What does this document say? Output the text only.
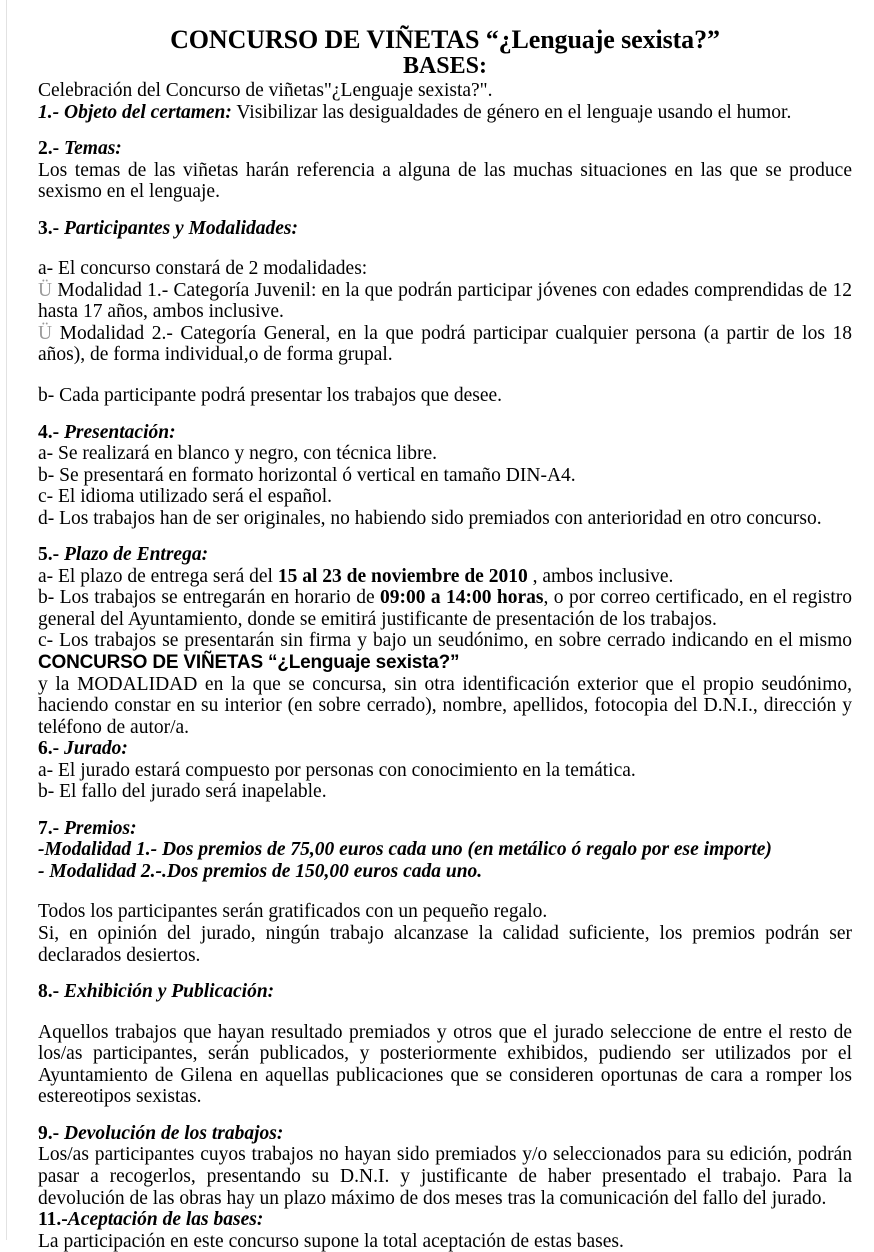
CONCURSO DE VIÑETAS “¿Lenguaje sexista?”
BASES:

Celebración del Concurso de viñetas"¿Lenguaje sexista?".

1.- Objeto del certamen: Visibilizar las desigualdades de género en el lenguaje usando el humor.

2.- Temas:

Los temas de las viñetas harán referencia a alguna de las muchas situaciones en las que se produce sexismo en el lenguaje.

3.- Participantes y Modalidades:

a- El concurso constará de 2 modalidades:

Ü Modalidad 1.- Categoría Juvenil: en la que podrán participar jóvenes con edades comprendidas de 12 hasta 17 años, ambos inclusive.

Ü Modalidad 2.- Categoría General, en la que podrá participar cualquier persona (a partir de los 18 años), de forma individual,o de forma grupal.

b- Cada participante podrá presentar los trabajos que desee.

4.- Presentación:

a- Se realizará en blanco y negro, con técnica libre.

b- Se presentará en formato horizontal ó vertical en tamaño DIN-A4.

c- El idioma utilizado será el español.

d- Los trabajos han de ser originales, no habiendo sido premiados con anterioridad en otro concurso.

5.- Plazo de Entrega:

a- El plazo de entrega será del 15 al 23 de noviembre de 2010 , ambos inclusive.

b- Los trabajos se entregarán en horario de 09:00 a 14:00 horas, o por correo certificado, en el registro general del Ayuntamiento, donde se emitirá justificante de presentación de los trabajos.

c- Los trabajos se presentarán sin firma y bajo un seudónimo, en sobre cerrado indicando en el mismo CONCURSO DE VIÑETAS “¿Lenguaje sexista?”

y la MODALIDAD en la que se concursa, sin otra identificación exterior que el propio seudónimo, haciendo constar en su interior (en sobre cerrado), nombre, apellidos, fotocopia del D.N.I., dirección y teléfono de autor/a.

6.- Jurado:

a- El jurado estará compuesto por personas con conocimiento en la temática.

b- El fallo del jurado será inapelable.

7.- Premios:

-Modalidad 1.- Dos premios de 75,00 euros cada uno (en metálico ó regalo por ese importe)

- Modalidad 2.-.Dos premios de 150,00 euros cada uno.

Todos los participantes serán gratificados con un pequeño regalo.

Si, en opinión del jurado, ningún trabajo alcanzase la calidad suficiente, los premios podrán ser declarados desiertos.

8.- Exhibición y Publicación:

Aquellos trabajos que hayan resultado premiados y otros que el jurado seleccione de entre el resto de los/as participantes, serán publicados, y posteriormente exhibidos, pudiendo ser utilizados por el Ayuntamiento de Gilena en aquellas publicaciones que se consideren oportunas de cara a romper los estereotipos sexistas.

9.- Devolución de los trabajos:

Los/as participantes cuyos trabajos no hayan sido premiados y/o seleccionados para su edición, podrán pasar a recogerlos, presentando su D.N.I. y justificante de haber presentado el trabajo. Para la devolución de las obras hay un plazo máximo de dos meses tras la comunicación del fallo del jurado.

11.-Aceptación de las bases:

La participación en este concurso supone la total aceptación de estas bases.
